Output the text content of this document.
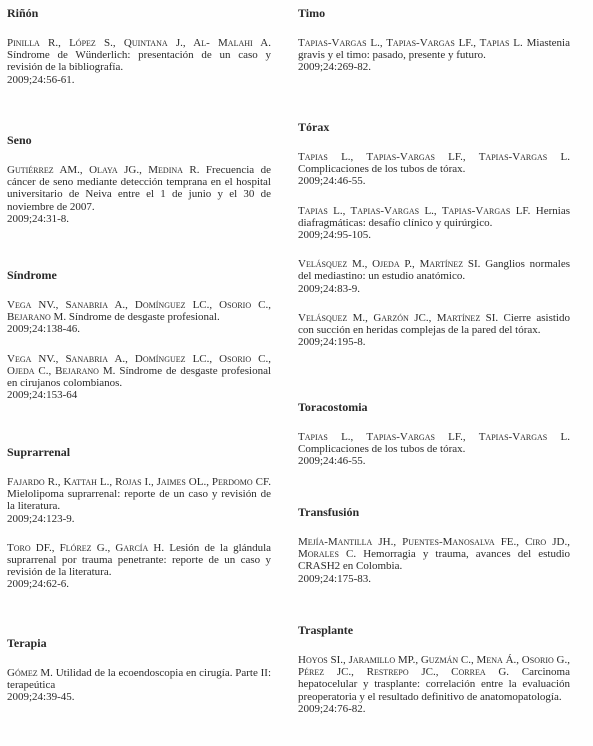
Riñón

Pinilla R., López S., Quintana J., Al- Malahi A. Síndrome de Wünderlich: presentación de un caso y revisión de la bibliografía.
2009;24:56-61.

Seno

Gutiérrez AM., Olaya JG., Medina R. Frecuencia de cáncer de seno mediante detección temprana en el hospital universitario de Neiva entre el 1 de junio y el 30 de noviembre de 2007.
2009;24:31-8.

Síndrome

Vega NV., Sanabria A., Domínguez LC., Osorio C., Bejarano M. Síndrome de desgaste profesional.
2009;24:138-46.

Vega NV., Sanabria A., Domínguez LC., Osorio C., Ojeda C., Bejarano M. Síndrome de desgaste profesional en cirujanos colombianos.
2009;24:153-64

Suprarrenal

Fajardo R., Kattah L., Rojas I., Jaimes OL., Perdomo CF. Mielolipoma suprarrenal: reporte de un caso y revisión de la literatura.
2009;24:123-9.

Toro DF., Flórez G., García H. Lesión de la glándula suprarrenal por trauma penetrante: reporte de un caso y revisión de la literatura.
2009;24:62-6.

Terapia

Gómez M. Utilidad de la ecoendoscopia en cirugía. Parte II: terapeútica
2009;24:39-45.

Timo

Tapias-Vargas L., Tapias-Vargas LF., Tapias L. Miastenia gravis y el timo: pasado, presente y futuro.
2009;24:269-82.

Tórax

Tapias L., Tapias-Vargas LF., Tapias-Vargas L. Complicaciones de los tubos de tórax.
2009;24:46-55.

Tapias L., Tapias-Vargas L., Tapias-Vargas LF. Hernias diafragmáticas: desafío clínico y quirúrgico.
2009;24:95-105.

Velásquez M., Ojeda P., Martínez SI. Ganglios normales del mediastino: un estudio anatómico.
2009;24:83-9.

Velásquez M., Garzón JC., Martínez SI. Cierre asistido con succión en heridas complejas de la pared del tórax.
2009;24:195-8.

Toracostomia

Tapias L., Tapias-Vargas LF., Tapias-Vargas L. Complicaciones de los tubos de tórax.
2009;24:46-55.

Transfusión

Mejía-Mantilla JH., Puentes-Manosalva FE., Ciro JD., Morales C. Hemorragia y trauma, avances del estudio CRASH2 en Colombia.
2009;24:175-83.

Trasplante

Hoyos SI., Jaramillo MP., Guzmán C., Mena Á., Osorio G., Pérez JC., Restrepo JC., Correa G. Carcinoma hepatocelular y trasplante: correlación entre la evaluación preoperatoria y el resultado definitivo de anatomopatología.
2009;24:76-82.
